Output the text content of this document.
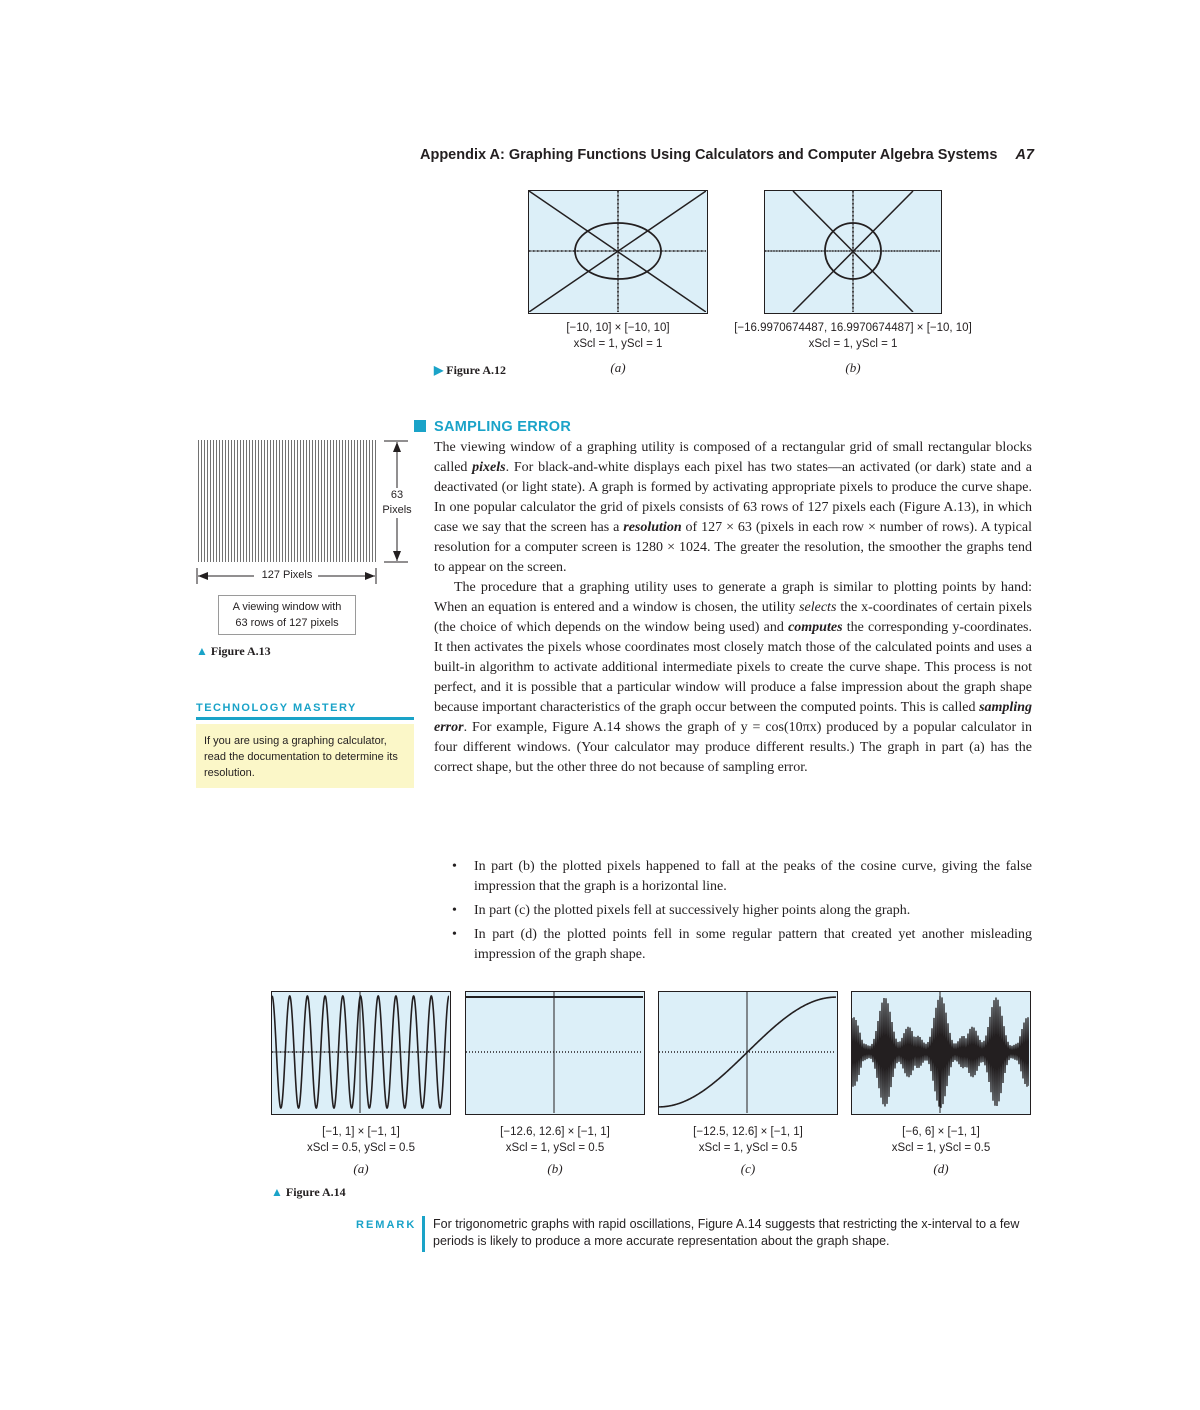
Appendix A: Graphing Functions Using Calculators and Computer Algebra Systems A7
[−10, 10] × [−10, 10]
xScl = 1, yScl = 1
(a)
[−16.9970674487, 16.9970674487] × [−10, 10]
xScl = 1, yScl = 1
(b)
▶ Figure A.12
63
Pixels
127 Pixels
A viewing window with
63 rows of 127 pixels
▲ Figure A.13
TECHNOLOGY MASTERY
If you are using a graphing calculator, read the documentation to determine its resolution.
SAMPLING ERROR

The viewing window of a graphing utility is composed of a rectangular grid of small rectangular blocks called pixels. For black-and-white displays each pixel has two states—an activated (or dark) state and a deactivated (or light state). A graph is formed by activating appropriate pixels to produce the curve shape. In one popular calculator the grid of pixels consists of 63 rows of 127 pixels each (Figure A.13), in which case we say that the screen has a resolution of 127 × 63 (pixels in each row × number of rows). A typical resolution for a computer screen is 1280 × 1024. The greater the resolution, the smoother the graphs tend to appear on the screen.

The procedure that a graphing utility uses to generate a graph is similar to plotting points by hand: When an equation is entered and a window is chosen, the utility selects the x-coordinates of certain pixels (the choice of which depends on the window being used) and computes the corresponding y-coordinates. It then activates the pixels whose coordinates most closely match those of the calculated points and uses a built-in algorithm to activate additional intermediate pixels to create the curve shape. This process is not perfect, and it is possible that a particular window will produce a false impression about the graph shape because important characteristics of the graph occur between the computed points. This is called sampling error. For example, Figure A.14 shows the graph of y = cos(10πx) produced by a popular calculator in four different windows. (Your calculator may produce different results.) The graph in part (a) has the correct shape, but the other three do not because of sampling error.

• In part (b) the plotted pixels happened to fall at the peaks of the cosine curve, giving the false impression that the graph is a horizontal line.
• In part (c) the plotted pixels fell at successively higher points along the graph.
• In part (d) the plotted points fell in some regular pattern that created yet another misleading impression of the graph shape.
[−1, 1] × [−1, 1]
xScl = 0.5, yScl = 0.5
[−12.6, 12.6] × [−1, 1]
xScl = 1, yScl = 0.5
[−12.5, 12.6] × [−1, 1]
xScl = 1, yScl = 0.5
[−6, 6] × [−1, 1]
xScl = 1, yScl = 0.5
(a)	(b)	(c)	(d)
▲ Figure A.14
REMARK For trigonometric graphs with rapid oscillations, Figure A.14 suggests that restricting the x-interval to a few periods is likely to produce a more accurate representation about the graph shape.
